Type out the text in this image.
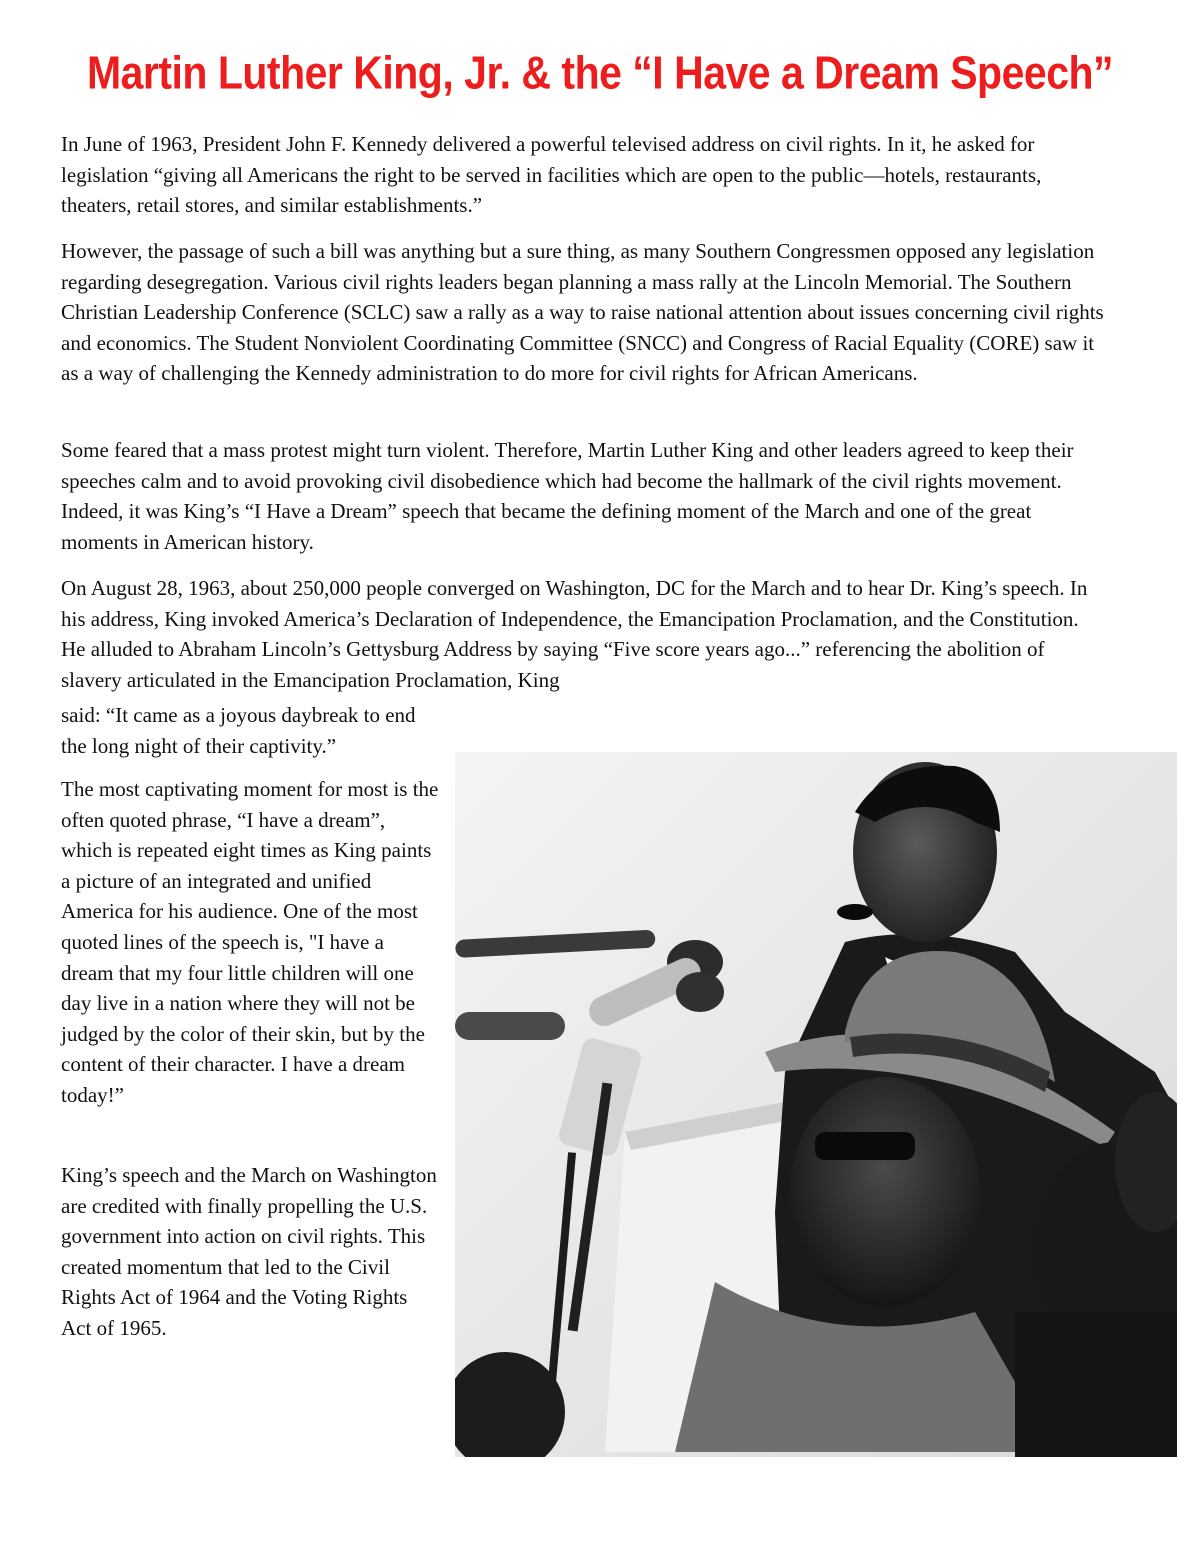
Martin Luther King, Jr. & the “I Have a Dream Speech”

In June of 1963, President John F. Kennedy delivered a powerful televised address on civil rights. In it, he asked for legislation “giving all Americans the right to be served in facilities which are open to the public—hotels, restaurants, theaters, retail stores, and similar establishments.”

However, the passage of such a bill was anything but a sure thing, as many Southern Congressmen opposed any legislation regarding desegregation. Various civil rights leaders began planning a mass rally at the Lincoln Memorial. The Southern Christian Leadership Conference (SCLC) saw a rally as a way to raise national attention about issues concerning civil rights and economics. The Student Nonviolent Coordinating Committee (SNCC) and Congress of Racial Equality (CORE) saw it as a way of challenging the Kennedy administration to do more for civil rights for African Americans.

Some feared that a mass protest might turn violent. Therefore, Martin Luther King and other leaders agreed to keep their speeches calm and to avoid provoking civil disobedience which had become the hallmark of the civil rights movement. Indeed, it was King’s “I Have a Dream” speech that became the defining moment of the March and one of the great moments in American history.

On August 28, 1963, about 250,000 people converged on Washington, DC for the March and to hear Dr. King’s speech. In his address, King invoked America’s Declaration of Independence, the Emancipation Proclamation, and the Constitution. He alluded to Abraham Lincoln’s Gettysburg Address by saying “Five score years ago...” referencing the abolition of slavery articulated in the Emancipation Proclamation, King

said: “It came as a joyous daybreak to end the long night of their captivity.”

The most captivating moment for most is the often quoted phrase, “I have a dream”, which is repeated eight times as King paints a picture of an integrated and unified America for his audience. One of the most quoted lines of the speech is, "I have a dream that my four little children will one day live in a nation where they will not be judged by the color of their skin, but by the content of their character. I have a dream today!”

King’s speech and the March on Washington are credited with finally propelling the U.S. government into action on civil rights. This created momentum that led to the Civil Rights Act of 1964 and the Voting Rights Act of 1965.
